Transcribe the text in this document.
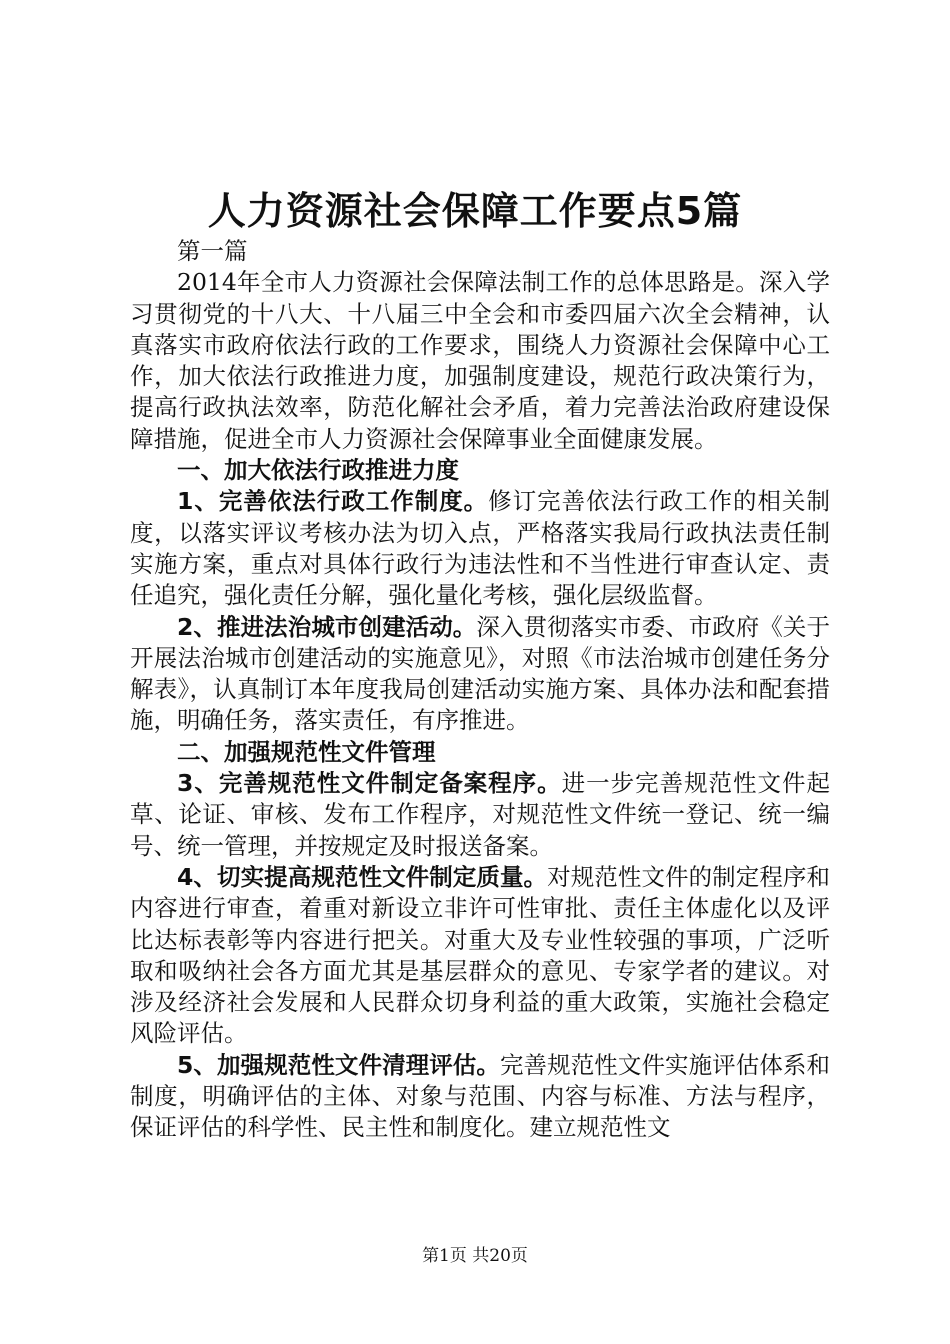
人力资源社会保障工作要点5篇

第一篇

2014年全市人力资源社会保障法制工作的总体思路是。深入学习贯彻党的十八大、十八届三中全会和市委四届六次全会精神，认真落实市政府依法行政的工作要求，围绕人力资源社会保障中心工作，加大依法行政推进力度，加强制度建设，规范行政决策行为，提高行政执法效率，防范化解社会矛盾，着力完善法治政府建设保障措施，促进全市人力资源社会保障事业全面健康发展。

一、加大依法行政推进力度

1、完善依法行政工作制度。修订完善依法行政工作的相关制度，以落实评议考核办法为切入点，严格落实我局行政执法责任制实施方案，重点对具体行政行为违法性和不当性进行审查认定、责任追究，强化责任分解，强化量化考核，强化层级监督。

2、推进法治城市创建活动。深入贯彻落实市委、市政府《关于开展法治城市创建活动的实施意见》，对照《市法治城市创建任务分解表》，认真制订本年度我局创建活动实施方案、具体办法和配套措施，明确任务，落实责任，有序推进。

二、加强规范性文件管理

3、完善规范性文件制定备案程序。进一步完善规范性文件起草、论证、审核、发布工作程序，对规范性文件统一登记、统一编号、统一管理，并按规定及时报送备案。

4、切实提高规范性文件制定质量。对规范性文件的制定程序和内容进行审查，着重对新设立非许可性审批、责任主体虚化以及评比达标表彰等内容进行把关。对重大及专业性较强的事项，广泛听取和吸纳社会各方面尤其是基层群众的意见、专家学者的建议。对涉及经济社会发展和人民群众切身利益的重大政策，实施社会稳定风险评估。

5、加强规范性文件清理评估。完善规范性文件实施评估体系和制度，明确评估的主体、对象与范围、内容与标准、方法与程序，保证评估的科学性、民主性和制度化。建立规范性文

第1页 共20页
